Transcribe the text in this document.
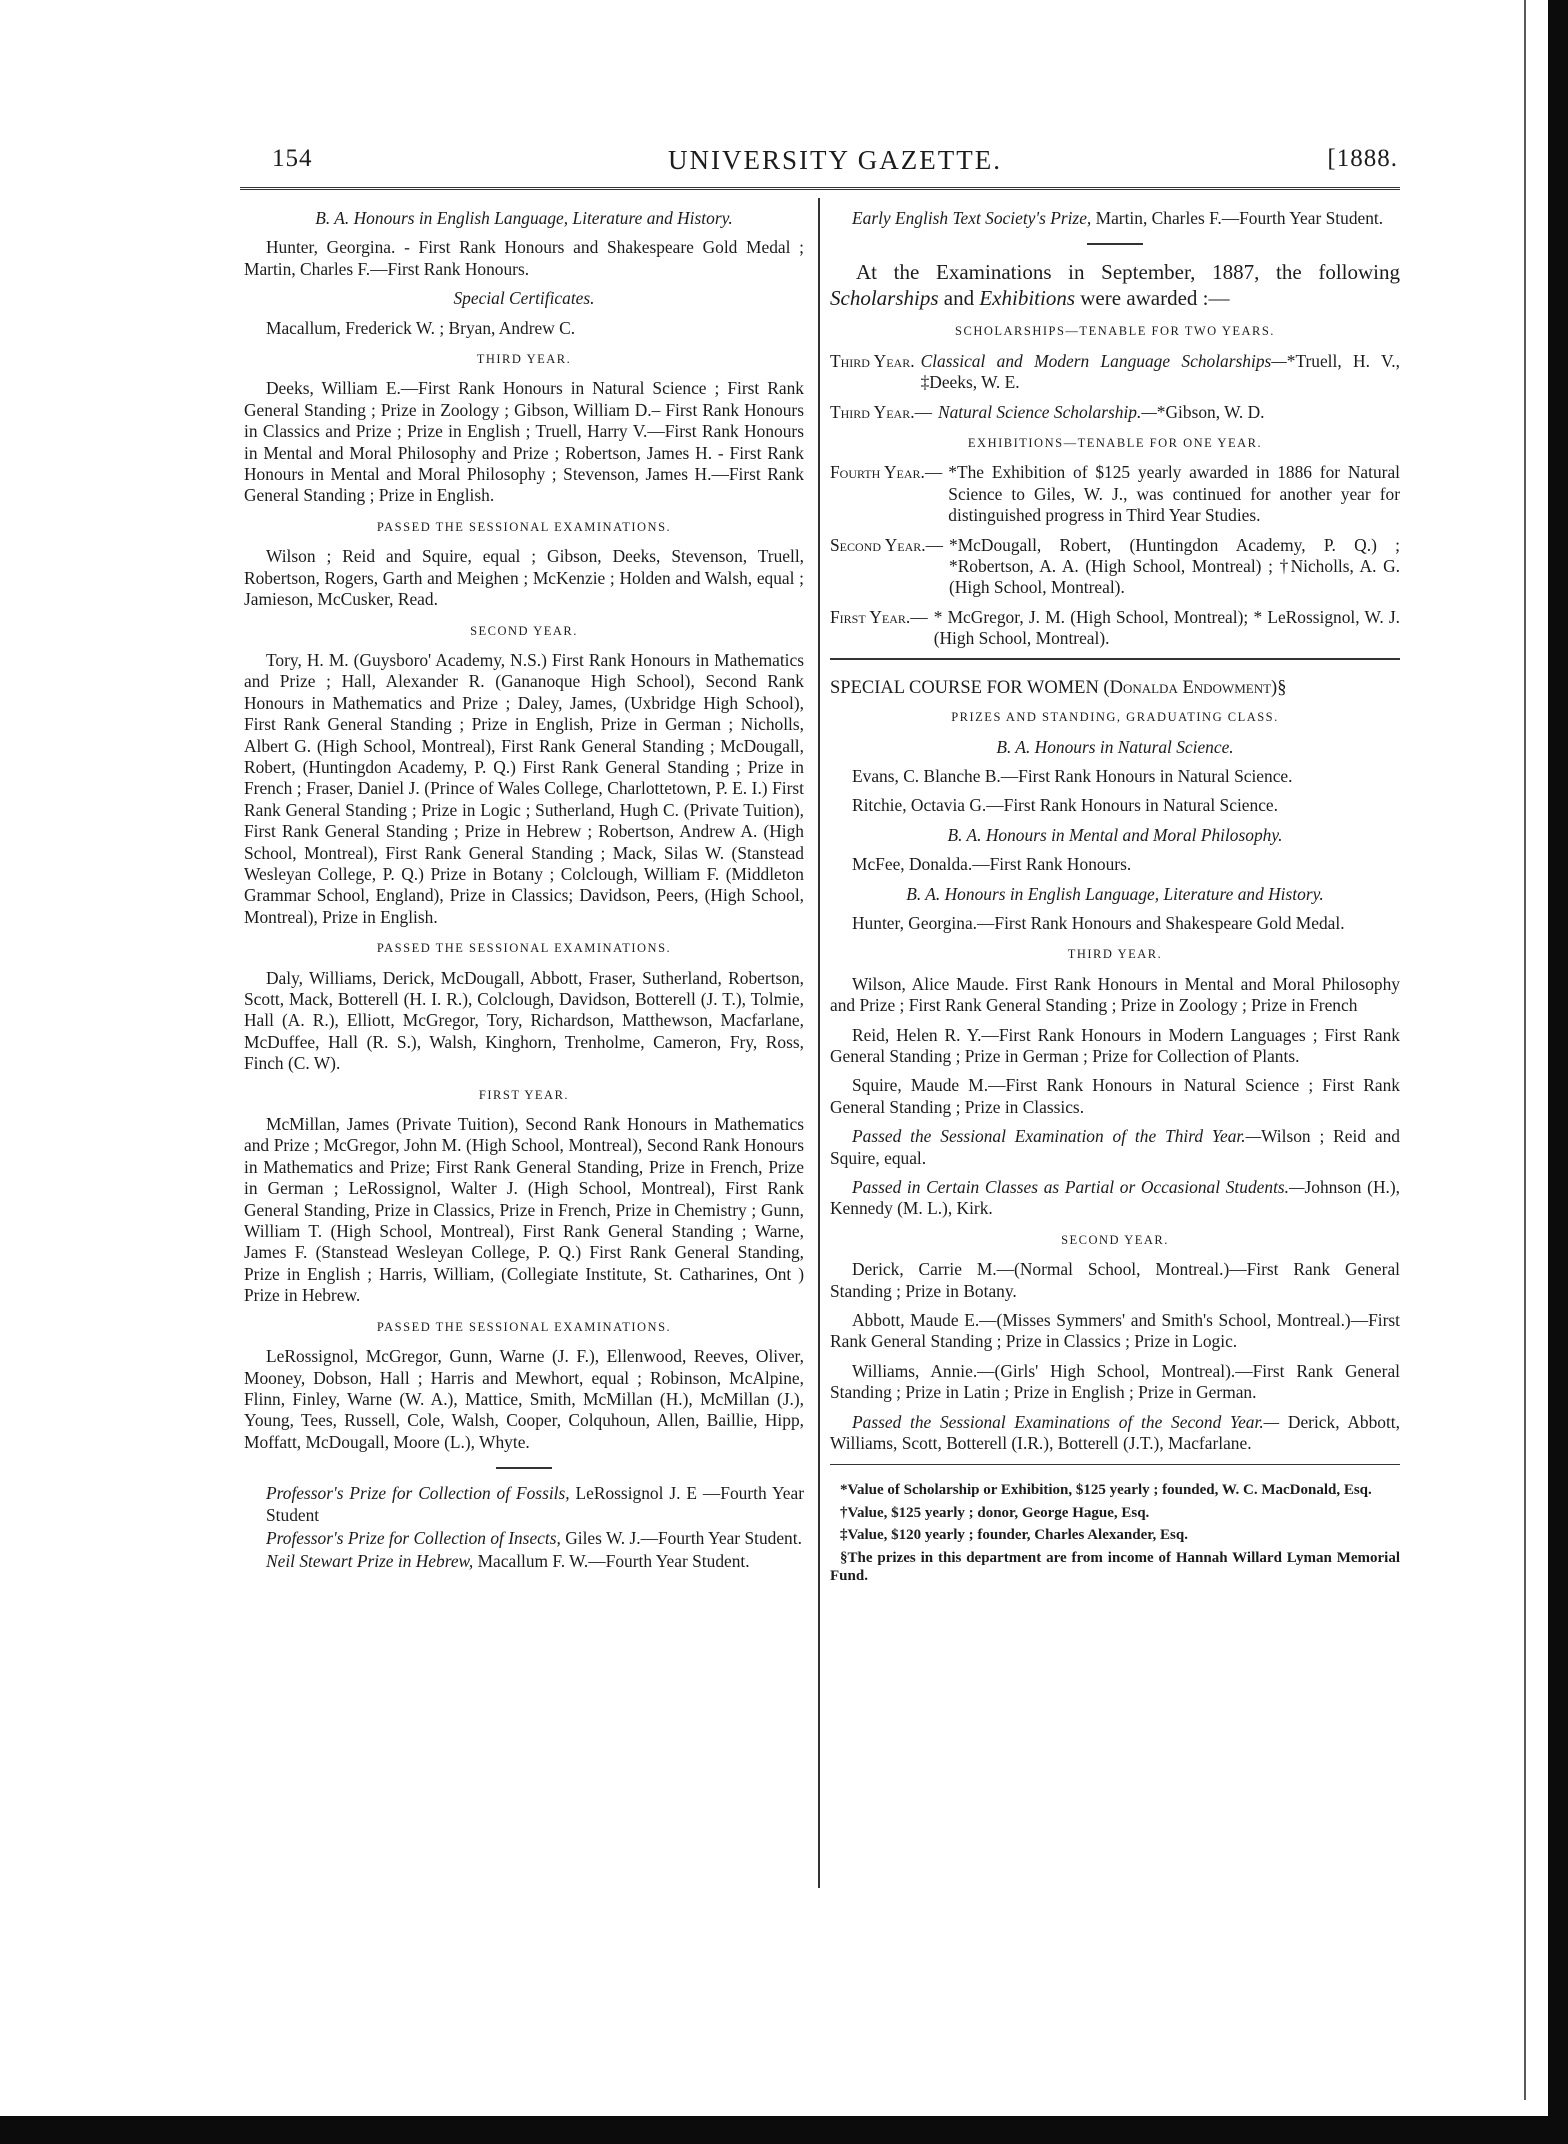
154	UNIVERSITY GAZETTE.	[1888.

B. A. Honours in English Language, Literature and History.

Hunter, Georgina. - First Rank Honours and Shakespeare Gold Medal ; Martin, Charles F.—First Rank Honours.

Special Certificates.

Macallum, Frederick W. ; Bryan, Andrew C.

THIRD YEAR.

Deeks, William E.—First Rank Honours in Natural Science ; First Rank General Standing ; Prize in Zoology ; Gibson, William D.– First Rank Honours in Classics and Prize ; Prize in English ; Truell, Harry V.—First Rank Honours in Mental and Moral Philosophy and Prize ; Robertson, James H. - First Rank Honours in Mental and Moral Philosophy ; Stevenson, James H.—First Rank General Standing ; Prize in English.

PASSED THE SESSIONAL EXAMINATIONS.

Wilson ; Reid and Squire, equal ; Gibson, Deeks, Stevenson, Truell, Robertson, Rogers, Garth and Meighen ; McKenzie ; Holden and Walsh, equal ; Jamieson, McCusker, Read.

SECOND YEAR.

Tory, H. M. (Guysboro' Academy, N.S.) First Rank Honours in Mathematics and Prize ; Hall, Alexander R. (Gananoque High School), Second Rank Honours in Mathematics and Prize ; Daley, James, (Uxbridge High School), First Rank General Standing ; Prize in English, Prize in German ; Nicholls, Albert G. (High School, Montreal), First Rank General Standing ; McDougall, Robert, (Huntingdon Academy, P. Q.) First Rank General Standing ; Prize in French ; Fraser, Daniel J. (Prince of Wales College, Charlottetown, P. E. I.) First Rank General Standing ; Prize in Logic ; Sutherland, Hugh C. (Private Tuition), First Rank General Standing ; Prize in Hebrew ; Robertson, Andrew A. (High School, Montreal), First Rank General Standing ; Mack, Silas W. (Stanstead Wesleyan College, P. Q.) Prize in Botany ; Colclough, William F. (Middleton Grammar School, England), Prize in Classics; Davidson, Peers, (High School, Montreal), Prize in English.

PASSED THE SESSIONAL EXAMINATIONS.

Daly, Williams, Derick, McDougall, Abbott, Fraser, Sutherland, Robertson, Scott, Mack, Botterell (H. I. R.), Colclough, Davidson, Botterell (J. T.), Tolmie, Hall (A. R.), Elliott, McGregor, Tory, Richardson, Matthewson, Macfarlane, McDuffee, Hall (R. S.), Walsh, Kinghorn, Trenholme, Cameron, Fry, Ross, Finch (C. W).

FIRST YEAR.

McMillan, James (Private Tuition), Second Rank Honours in Mathematics and Prize ; McGregor, John M. (High School, Montreal), Second Rank Honours in Mathematics and Prize; First Rank General Standing, Prize in French, Prize in German ; LeRossignol, Walter J. (High School, Montreal), First Rank General Standing, Prize in Classics, Prize in French, Prize in Chemistry ; Gunn, William T. (High School, Montreal), First Rank General Standing ; Warne, James F. (Stanstead Wesleyan College, P. Q.) First Rank General Standing, Prize in English ; Harris, William, (Collegiate Institute, St. Catharines, Ont ) Prize in Hebrew.

PASSED THE SESSIONAL EXAMINATIONS.

LeRossignol, McGregor, Gunn, Warne (J. F.), Ellenwood, Reeves, Oliver, Mooney, Dobson, Hall ; Harris and Mewhort, equal ; Robinson, McAlpine, Flinn, Finley, Warne (W. A.), Mattice, Smith, McMillan (H.), McMillan (J.), Young, Tees, Russell, Cole, Walsh, Cooper, Colquhoun, Allen, Baillie, Hipp, Moffatt, McDougall, Moore (L.), Whyte.

Professor's Prize for Collection of Fossils, LeRossignol J. E —Fourth Year Student

Professor's Prize for Collection of Insects, Giles W. J.—Fourth Year Student.

Neil Stewart Prize in Hebrew, Macallum F. W.—Fourth Year Student.

Early English Text Society's Prize, Martin, Charles F.—Fourth Year Student.

At the Examinations in September, 1887, the following Scholarships and Exhibitions were awarded :—

SCHOLARSHIPS—TENABLE FOR TWO YEARS.

Third Year. Classical and Modern Language Scholarships—*Truell, H. V., ‡Deeks, W. E.
Third Year.— Natural Science Scholarship.—*Gibson, W. D.

EXHIBITIONS—TENABLE FOR ONE YEAR.

Fourth Year.— *The Exhibition of $125 yearly awarded in 1886 for Natural Science to Giles, W. J., was continued for another year for distinguished progress in Third Year Studies.
Second Year.— *McDougall, Robert, (Huntingdon Academy, P. Q.) ; *Robertson, A. A. (High School, Montreal) ; †Nicholls, A. G. (High School, Montreal).
First Year.— * McGregor, J. M. (High School, Montreal); * LeRossignol, W. J. (High School, Montreal).

SPECIAL COURSE FOR WOMEN (Donalda Endowment)§

PRIZES AND STANDING, GRADUATING CLASS.

B. A. Honours in Natural Science.

Evans, C. Blanche B.—First Rank Honours in Natural Science.

Ritchie, Octavia G.—First Rank Honours in Natural Science.

B. A. Honours in Mental and Moral Philosophy.

McFee, Donalda.—First Rank Honours.

B. A. Honours in English Language, Literature and History.

Hunter, Georgina.—First Rank Honours and Shakespeare Gold Medal.

THIRD YEAR.

Wilson, Alice Maude. First Rank Honours in Mental and Moral Philosophy and Prize ; First Rank General Standing ; Prize in Zoology ; Prize in French

Reid, Helen R. Y.—First Rank Honours in Modern Languages ; First Rank General Standing ; Prize in German ; Prize for Collection of Plants.

Squire, Maude M.—First Rank Honours in Natural Science ; First Rank General Standing ; Prize in Classics.

Passed the Sessional Examination of the Third Year.—Wilson ; Reid and Squire, equal.

Passed in Certain Classes as Partial or Occasional Students.—Johnson (H.), Kennedy (M. L.), Kirk.

SECOND YEAR.

Derick, Carrie M.—(Normal School, Montreal.)—First Rank General Standing ; Prize in Botany.

Abbott, Maude E.—(Misses Symmers' and Smith's School, Montreal.)—First Rank General Standing ; Prize in Classics ; Prize in Logic.

Williams, Annie.—(Girls' High School, Montreal).—First Rank General Standing ; Prize in Latin ; Prize in English ; Prize in German.

Passed the Sessional Examinations of the Second Year.— Derick, Abbott, Williams, Scott, Botterell (I.R.), Botterell (J.T.), Macfarlane.

*Value of Scholarship or Exhibition, $125 yearly ; founded, W. C. MacDonald, Esq.

†Value, $125 yearly ; donor, George Hague, Esq.

‡Value, $120 yearly ; founder, Charles Alexander, Esq.

§The prizes in this department are from income of Hannah Willard Lyman Memorial Fund.
